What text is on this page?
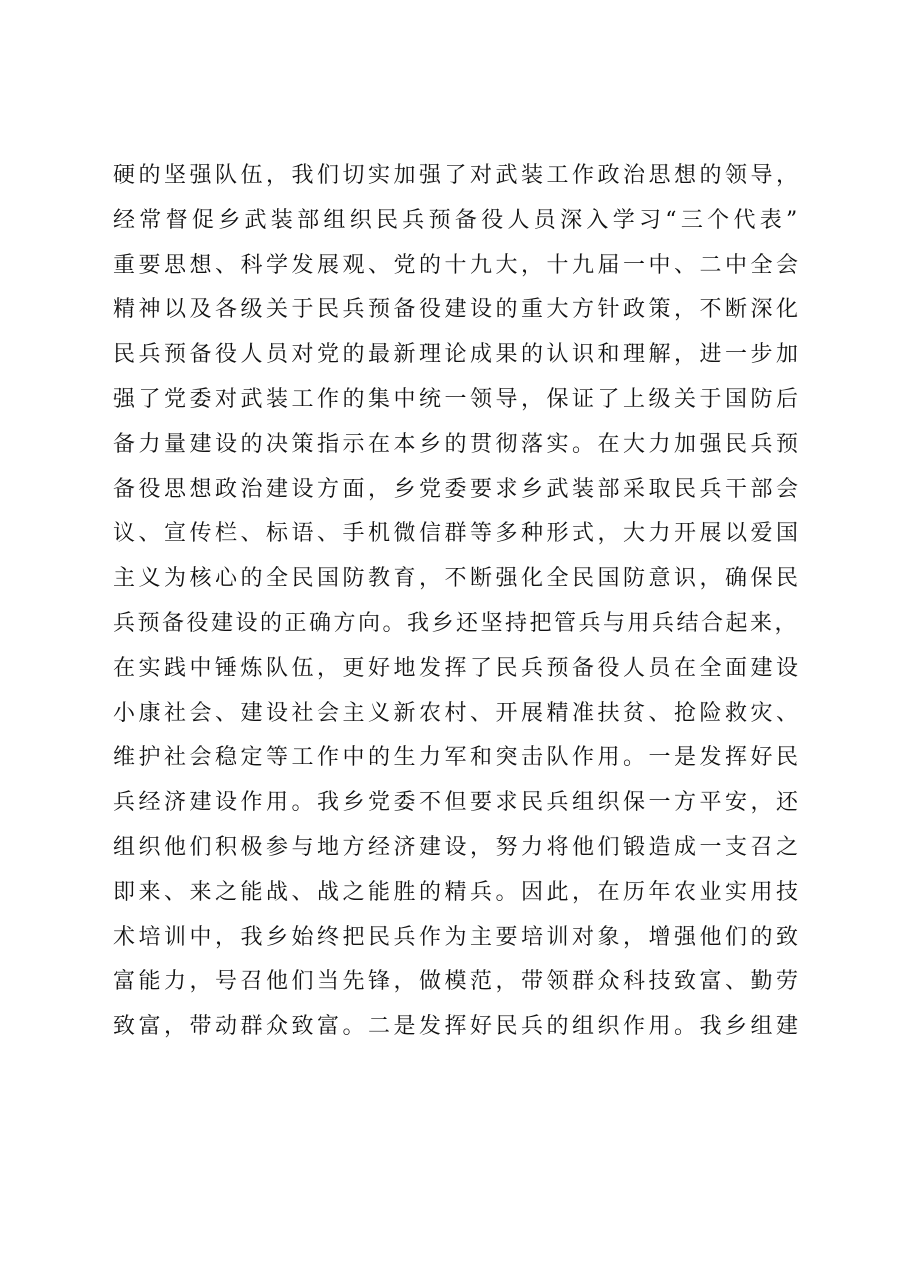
硬的坚强队伍，我们切实加强了对武装工作政治思想的领导，
经常督促乡武装部组织民兵预备役人员深入学习“三个代表”
重要思想、科学发展观、党的十九大，十九届一中、二中全会
精神以及各级关于民兵预备役建设的重大方针政策，不断深化
民兵预备役人员对党的最新理论成果的认识和理解，进一步加
强了党委对武装工作的集中统一领导，保证了上级关于国防后
备力量建设的决策指示在本乡的贯彻落实。在大力加强民兵预
备役思想政治建设方面，乡党委要求乡武装部采取民兵干部会
议、宣传栏、标语、手机微信群等多种形式，大力开展以爱国
主义为核心的全民国防教育，不断强化全民国防意识，确保民
兵预备役建设的正确方向。我乡还坚持把管兵与用兵结合起来，
在实践中锤炼队伍，更好地发挥了民兵预备役人员在全面建设
小康社会、建设社会主义新农村、开展精准扶贫、抢险救灾、
维护社会稳定等工作中的生力军和突击队作用。一是发挥好民
兵经济建设作用。我乡党委不但要求民兵组织保一方平安，还
组织他们积极参与地方经济建设，努力将他们锻造成一支召之
即来、来之能战、战之能胜的精兵。因此，在历年农业实用技
术培训中，我乡始终把民兵作为主要培训对象，增强他们的致
富能力，号召他们当先锋，做模范，带领群众科技致富、勤劳
致富，带动群众致富。二是发挥好民兵的组织作用。我乡组建
